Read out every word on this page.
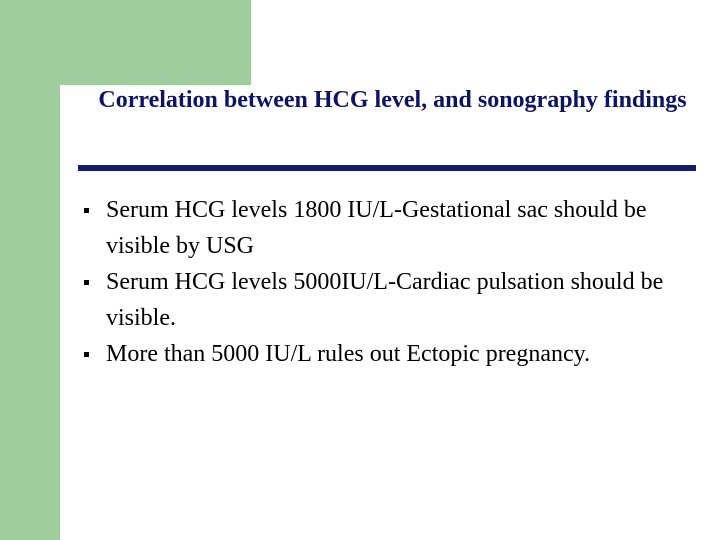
Correlation between HCG level, and sonography findings
Serum HCG levels 1800 IU/L-Gestational sac should be visible by USG
Serum HCG levels 5000IU/L-Cardiac pulsation should be visible.
More than 5000 IU/L rules out Ectopic pregnancy.
